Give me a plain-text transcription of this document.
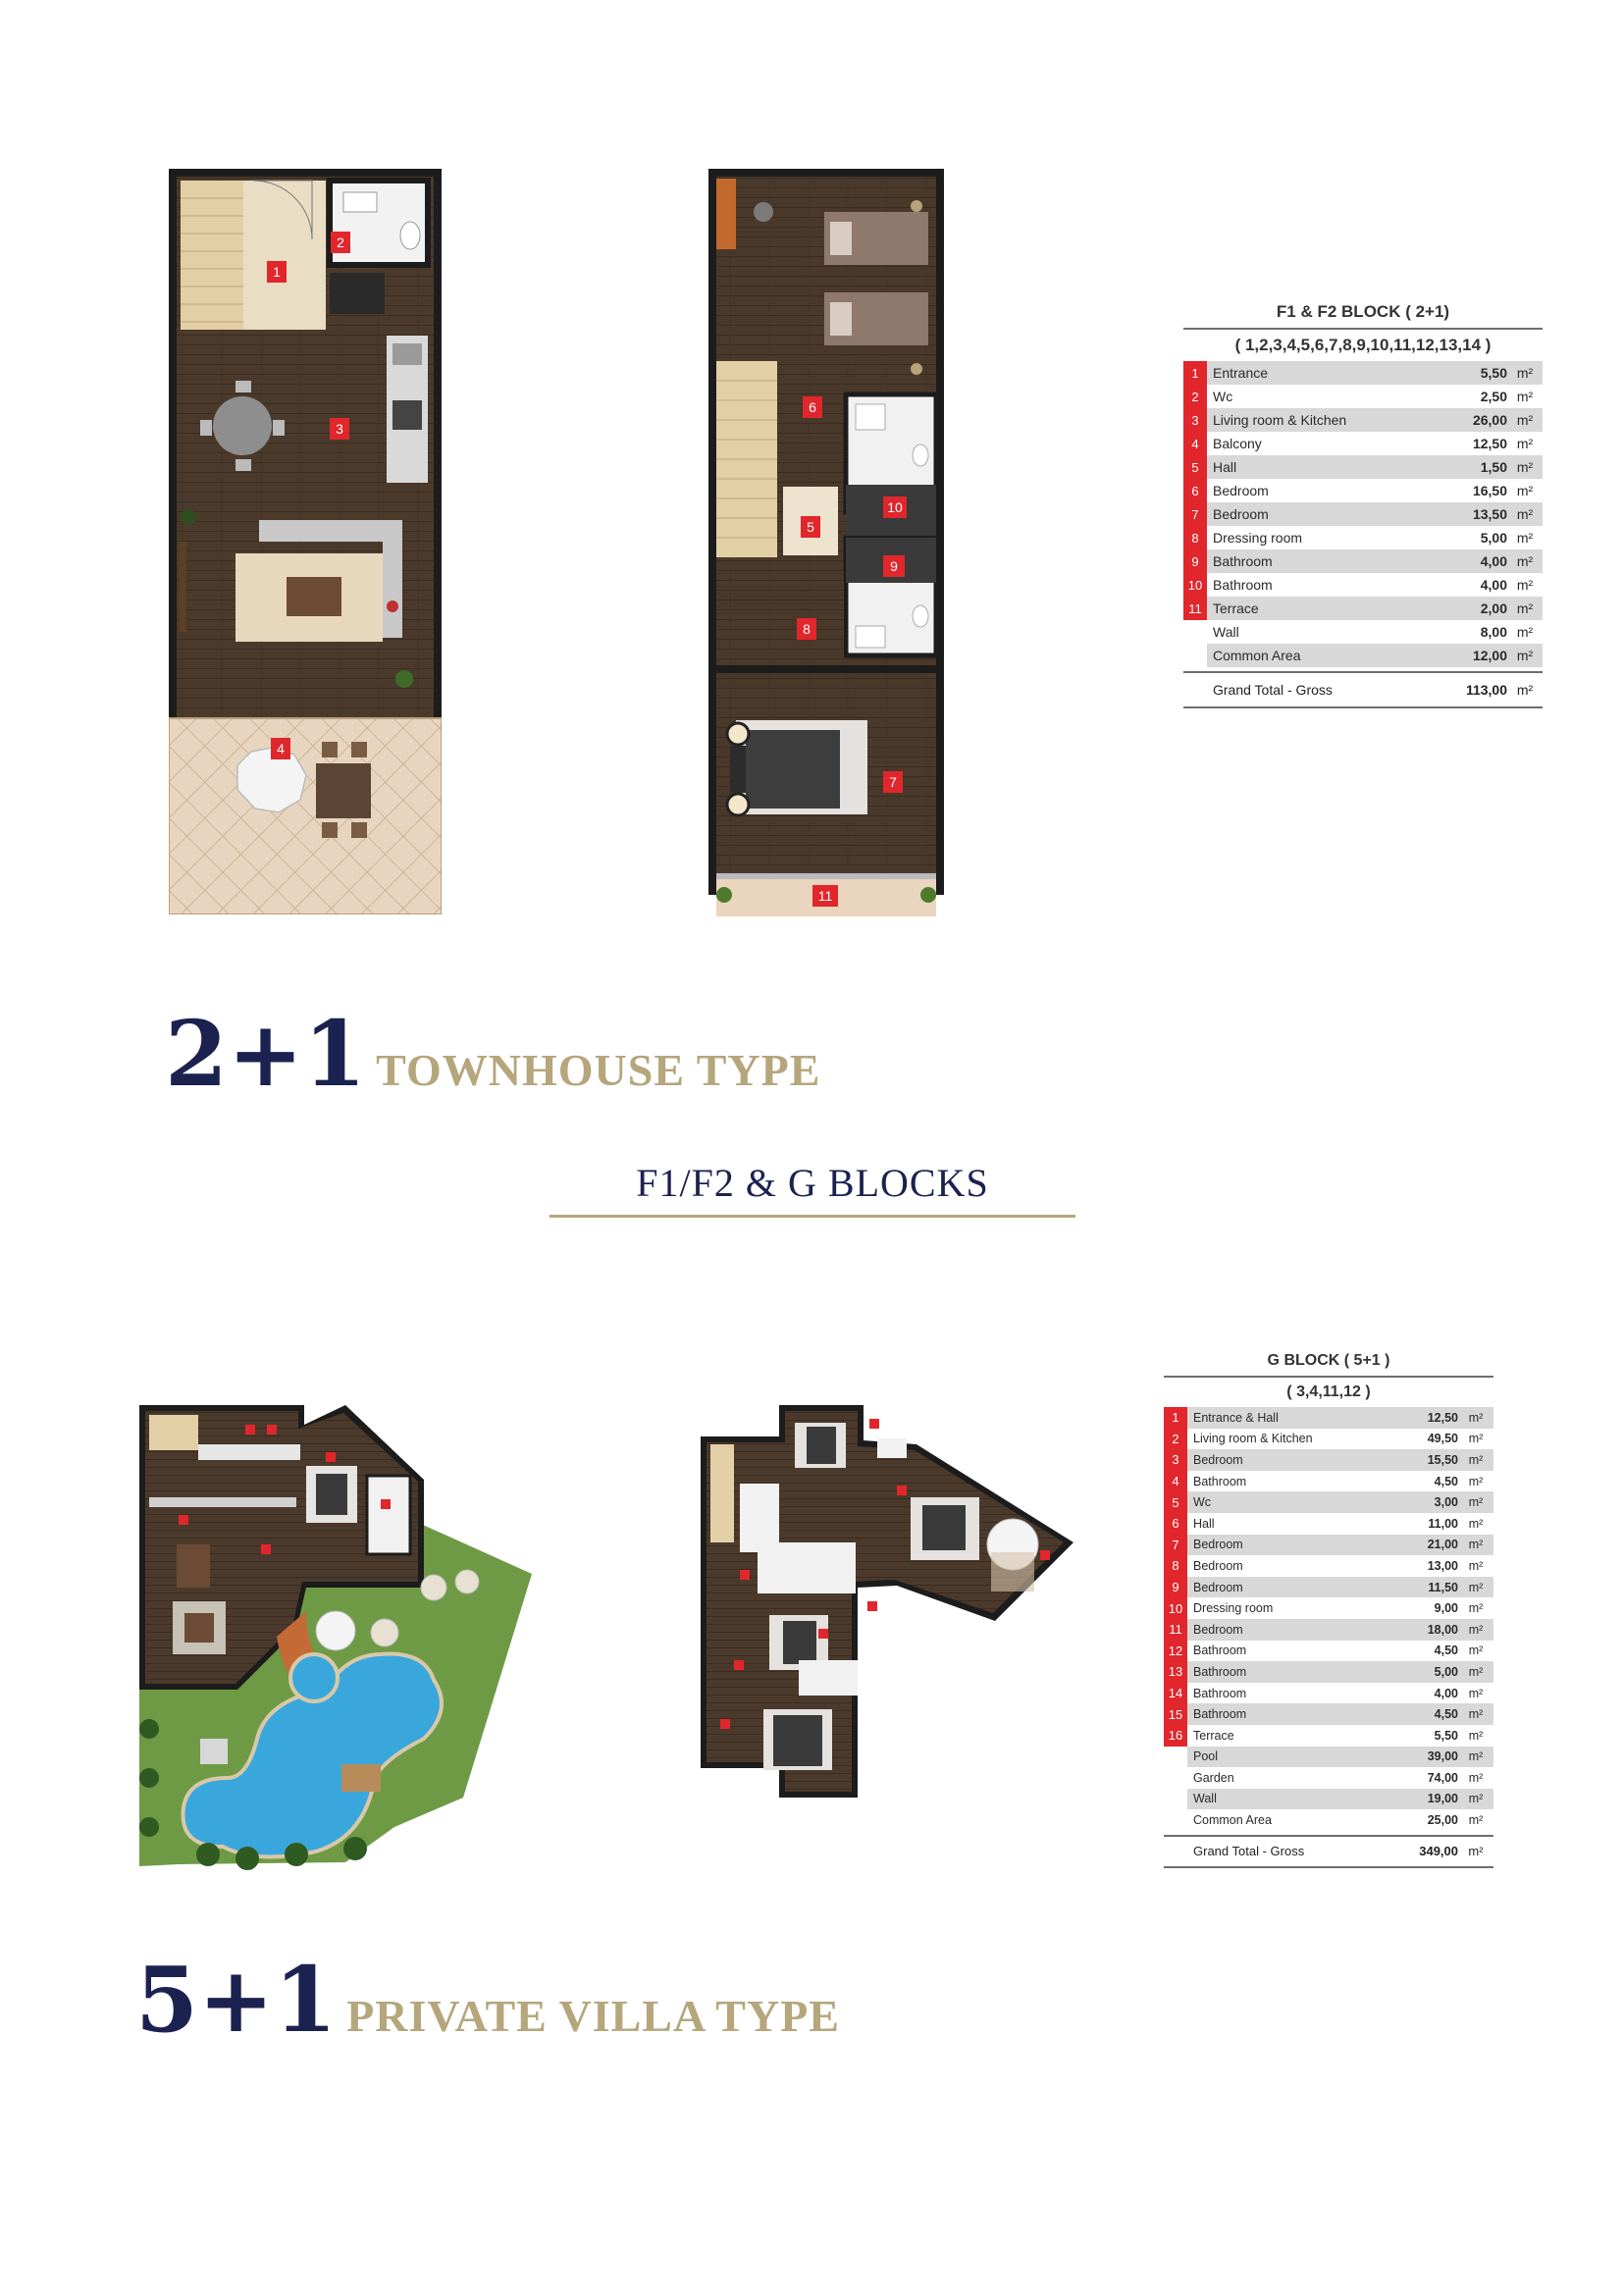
1
2
3
4
6
5
10
9
8
7
11
F1 & F2 BLOCK ( 2+1)
( 1,2,3,4,5,6,7,8,9,10,11,12,13,14 )
1	Entrance	5,50 m²
2	Wc	2,50 m²
3	Living room & Kitchen	26,00 m²
4	Balcony	12,50 m²
5	Hall	1,50 m²
6	Bedroom	16,50 m²
7	Bedroom	13,50 m²
8	Dressing room	5,00 m²
9	Bathroom	4,00 m²
10 Bathroom	4,00 m²
11 Terrace	2,00 m²
Wall	8,00 m²
Common Area	12,00 m²
Grand Total - Gross	113,00 m²
2+1 TOWNHOUSE TYPE
F1/F2 & G BLOCKS
G BLOCK ( 5+1 )
( 3,4,11,12 )
1	Entrance & Hall	12,50 m²
2	Living room & Kitchen	49,50 m²
3	Bedroom	15,50 m²
4	Bathroom	4,50 m²
5	Wc	3,00 m²
6	Hall	11,00 m²
7	Bedroom	21,00 m²
8	Bedroom	13,00 m²
9	Bedroom	11,50 m²
10 Dressing room	9,00 m²
11 Bedroom	18,00 m²
12 Bathroom	4,50 m²
13 Bathroom	5,00 m²
14 Bathroom	4,00 m²
15 Bathroom	4,50 m²
16 Terrace	5,50 m²
Pool	39,00 m²
Garden	74,00 m²
Wall	19,00 m²
Common Area	25,00 m²
Grand Total - Gross	349,00 m²
5+1 PRIVATE VILLA TYPE
